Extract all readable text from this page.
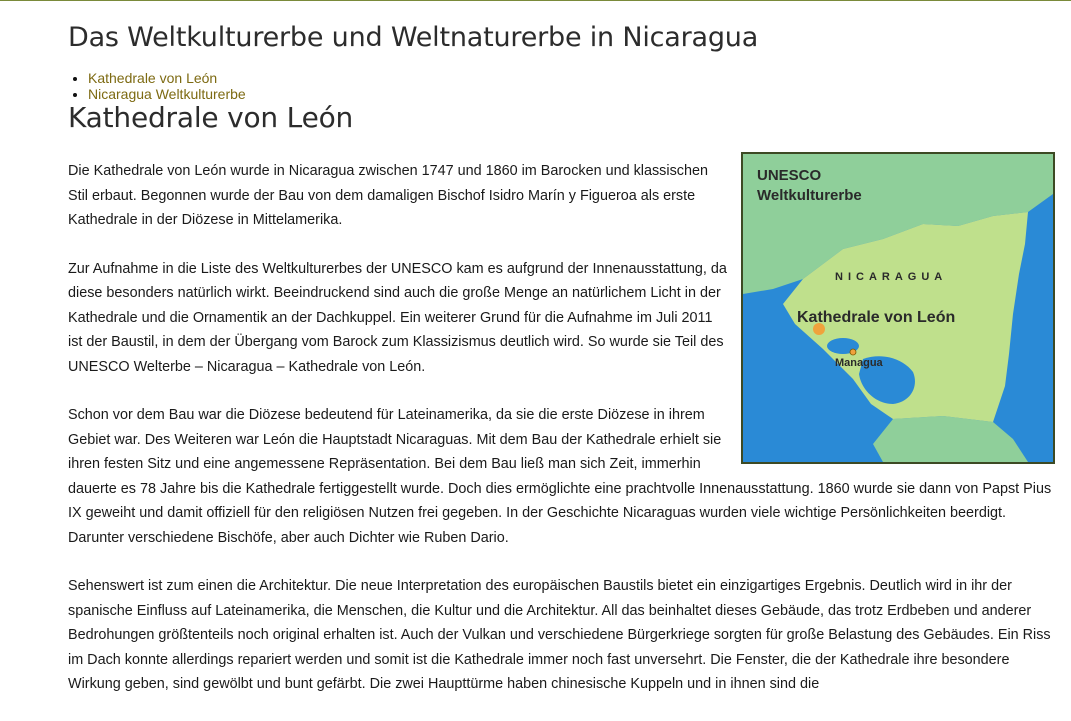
Das Weltkulturerbe und Weltnaturerbe in Nicaragua
• Kathedrale von León
• Nicaragua Weltkulturerbe
Kathedrale von León
UNESCO
Weltkulturerbe
NICARAGUA
Kathedrale von León
Managua

Die Kathedrale von León wurde in Nicaragua zwischen 1747 und 1860 im Barocken und klassischen Stil erbaut. Begonnen wurde der Bau von dem damaligen Bischof Isidro Marín y Figueroa als erste Kathedrale in der Diözese in Mittelamerika.

Zur Aufnahme in die Liste des Weltkulturerbes der UNESCO kam es aufgrund der Innenausstattung, da diese besonders natürlich wirkt. Beeindruckend sind auch die große Menge an natürlichem Licht in der Kathedrale und die Ornamentik an der Dachkuppel. Ein weiterer Grund für die Aufnahme im Juli 2011 ist der Baustil, in dem der Übergang vom Barock zum Klassizismus deutlich wird. So wurde sie Teil des UNESCO Welterbe – Nicaragua – Kathedrale von León.

Schon vor dem Bau war die Diözese bedeutend für Lateinamerika, da sie die erste Diözese in ihrem Gebiet war. Des Weiteren war León die Hauptstadt Nicaraguas. Mit dem Bau der Kathedrale erhielt sie ihren festen Sitz und eine angemessene Repräsentation. Bei dem Bau ließ man sich Zeit, immerhin dauerte es 78 Jahre bis die Kathedrale fertiggestellt wurde. Doch dies ermöglichte eine prachtvolle Innenausstattung. 1860 wurde sie dann von Papst Pius IX geweiht und damit offiziell für den religiösen Nutzen frei gegeben. In der Geschichte Nicaraguas wurden viele wichtige Persönlichkeiten beerdigt. Darunter verschiedene Bischöfe, aber auch Dichter wie Ruben Dario.

Sehenswert ist zum einen die Architektur. Die neue Interpretation des europäischen Baustils bietet ein einzigartiges Ergebnis. Deutlich wird in ihr der spanische Einfluss auf Lateinamerika, die Menschen, die Kultur und die Architektur. All das beinhaltet dieses Gebäude, das trotz Erdbeben und anderer Bedrohungen größtenteils noch original erhalten ist. Auch der Vulkan und verschiedene Bürgerkriege sorgten für große Belastung des Gebäudes. Ein Riss im Dach konnte allerdings repariert werden und somit ist die Kathedrale immer noch fast unversehrt. Die Fenster, die der Kathedrale ihre besondere Wirkung geben, sind gewölbt und bunt gefärbt. Die zwei Haupttürme haben chinesische Kuppeln und in ihnen sind die
